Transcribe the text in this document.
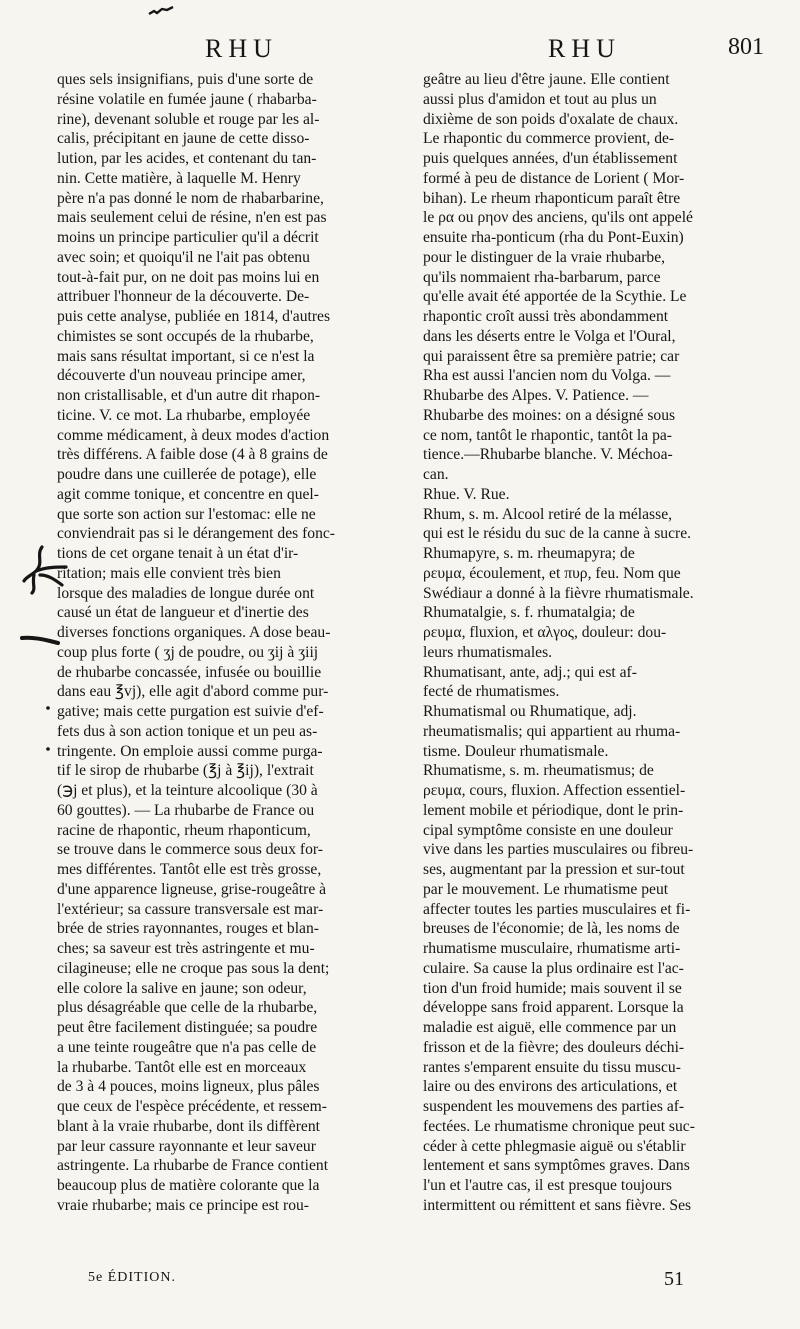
RHU	RHU	801
ques sels insignifians, puis d'une sorte de
résine volatile en fumée jaune ( rhabarba-
rine), devenant soluble et rouge par les al-
calis, précipitant en jaune de cette disso-
lution, par les acides, et contenant du tan-
nin. Cette matière, à laquelle M. Henry
père n'a pas donné le nom de rhabarbarine,
mais seulement celui de résine, n'en est pas
moins un principe particulier qu'il a décrit
avec soin; et quoiqu'il ne l'ait pas obtenu
tout-à-fait pur, on ne doit pas moins lui en
attribuer l'honneur de la découverte. De-
puis cette analyse, publiée en 1814, d'autres
chimistes se sont occupés de la rhubarbe,
mais sans résultat important, si ce n'est la
découverte d'un nouveau principe amer,
non cristallisable, et d'un autre dit rhapon-
ticine. V. ce mot. La rhubarbe, employée
comme médicament, à deux modes d'action
très différens. A faible dose (4 à 8 grains de
poudre dans une cuillerée de potage), elle
agit comme tonique, et concentre en quel-
que sorte son action sur l'estomac: elle ne
conviendrait pas si le dérangement des fonc-
tions de cet organe tenait à un état d'ir-
ritation; mais elle convient très bien
lorsque des maladies de longue durée ont
causé un état de langueur et d'inertie des
diverses fonctions organiques. A dose beau-
coup plus forte ( ʒj de poudre, ou ʒij à ʒiij
de rhubarbe concassée, infusée ou bouillie
dans eau ℥vj), elle agit d'abord comme pur-
gative; mais cette purgation est suivie d'ef-
fets dus à son action tonique et un peu as-
tringente. On emploie aussi comme purga-
tif le sirop de rhubarbe (℥j à ℥ij), l'extrait
(℈j et plus), et la teinture alcoolique (30 à
60 gouttes). — La rhubarbe de France ou
racine de rhapontic, rheum rhaponticum,
se trouve dans le commerce sous deux for-
mes différentes. Tantôt elle est très grosse,
d'une apparence ligneuse, grise-rougeâtre à
l'extérieur; sa cassure transversale est mar-
brée de stries rayonnantes, rouges et blan-
ches; sa saveur est très astringente et mu-
cilagineuse; elle ne croque pas sous la dent;
elle colore la salive en jaune; son odeur,
plus désagréable que celle de la rhubarbe,
peut être facilement distinguée; sa poudre
a une teinte rougeâtre que n'a pas celle de
la rhubarbe. Tantôt elle est en morceaux
de 3 à 4 pouces, moins ligneux, plus pâles
que ceux de l'espèce précédente, et ressem-
blant à la vraie rhubarbe, dont ils diffèrent
par leur cassure rayonnante et leur saveur
astringente. La rhubarbe de France contient
beaucoup plus de matière colorante que la
vraie rhubarbe; mais ce principe est rou-
geâtre au lieu d'être jaune. Elle contient
aussi plus d'amidon et tout au plus un
dixième de son poids d'oxalate de chaux.
Le rhapontic du commerce provient, de-
puis quelques années, d'un établissement
formé à peu de distance de Lorient ( Mor-
bihan). Le rheum rhaponticum paraît être
le ρα ou ρηον des anciens, qu'ils ont appelé
ensuite rha-ponticum (rha du Pont-Euxin)
pour le distinguer de la vraie rhubarbe,
qu'ils nommaient rha-barbarum, parce
qu'elle avait été apportée de la Scythie. Le
rhapontic croît aussi très abondamment
dans les déserts entre le Volga et l'Oural,
qui paraissent être sa première patrie; car
Rha est aussi l'ancien nom du Volga. —
Rhubarbe des Alpes. V. Patience. —
Rhubarbe des moines: on a désigné sous
ce nom, tantôt le rhapontic, tantôt la pa-
tience.—Rhubarbe blanche. V. Méchoa-
can.
Rhue. V. Rue.
Rhum, s. m. Alcool retiré de la mélasse,
qui est le résidu du suc de la canne à sucre.
Rhumapyre, s. m. rheumapyra; de
ρευμα, écoulement, et πυρ, feu. Nom que
Swédiaur a donné à la fièvre rhumatismale.
Rhumatalgie, s. f. rhumatalgia; de
ρευμα, fluxion, et αλγος, douleur: dou-
leurs rhumatismales.
Rhumatisant, ante, adj.; qui est af-
fecté de rhumatismes.
Rhumatismal ou Rhumatique, adj.
rheumatismalis; qui appartient au rhuma-
tisme. Douleur rhumatismale.
Rhumatisme, s. m. rheumatismus; de
ρευμα, cours, fluxion. Affection essentiel-
lement mobile et périodique, dont le prin-
cipal symptôme consiste en une douleur
vive dans les parties musculaires ou fibreu-
ses, augmentant par la pression et sur-tout
par le mouvement. Le rhumatisme peut
affecter toutes les parties musculaires et fi-
breuses de l'économie; de là, les noms de
rhumatisme musculaire, rhumatisme arti-
culaire. Sa cause la plus ordinaire est l'ac-
tion d'un froid humide; mais souvent il se
développe sans froid apparent. Lorsque la
maladie est aiguë, elle commence par un
frisson et de la fièvre; des douleurs déchi-
rantes s'emparent ensuite du tissu muscu-
laire ou des environs des articulations, et
suspendent les mouvemens des parties af-
fectées. Le rhumatisme chronique peut suc-
céder à cette phlegmasie aiguë ou s'établir
lentement et sans symptômes graves. Dans
l'un et l'autre cas, il est presque toujours
intermittent ou rémittent et sans fièvre. Ses
5e ÉDITION.	51
